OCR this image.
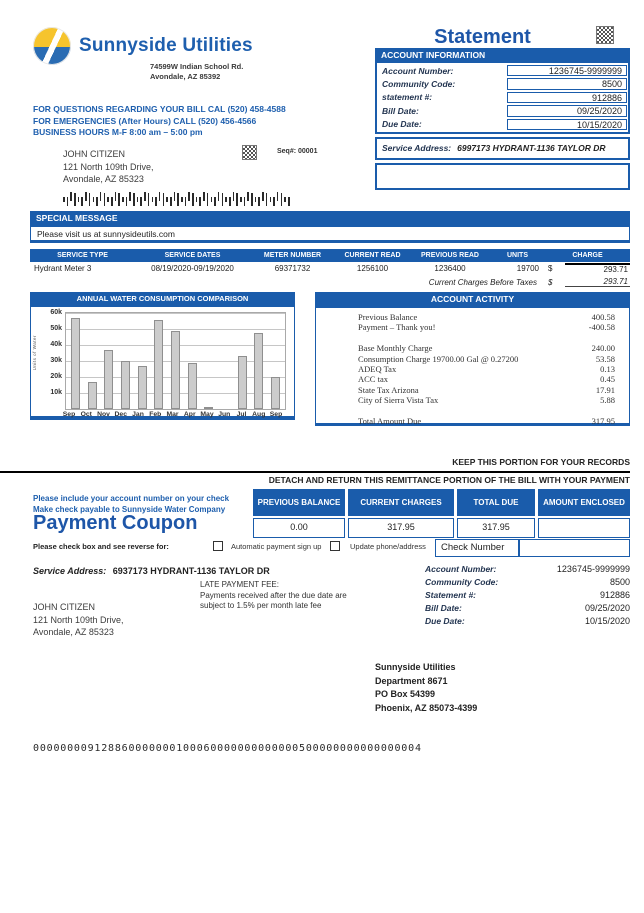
Sunnyside Utilities
74599W Indian School Rd.
Avondale, AZ 85392
Statement
ACCOUNT INFORMATION
Account Number:	1236745-9999999
Community Code:	8500
statement #:	912886
Bill Date:	09/25/2020
Due Date:	10/15/2020
Service Address: 6997173 HYDRANT-1136 TAYLOR DR
FOR QUESTIONS REGARDING YOUR BILL CAL (520) 458-4588
FOR EMERGENCIES (After Hours) CALL (520) 456-4566
BUSINESS HOURS M-F 8:00 am – 5:00 pm
JOHN CITIZEN
121 North 109th Drive,
Avondale, AZ 85323
Seq#: 00001
SPECIAL MESSAGE
Please visit us at sunnysideutils.com
SERVICE TYPE	SERVICE DATES	METER NUMBER	CURRENT READ	PREVIOUS READ	UNITS	CHARGE
Hydrant Meter 3	08/19/2020-09/19/2020	69371732	1256100	1236400	19700	$	293.71
Current Charges Before Taxes	$	293.71
ANNUAL WATER CONSUMPTION COMPARISON
Units of Water
60k
50k
40k
30k
20k
10k
Sep Oct Nov Dec Jan Feb Mar Apr May Jun Jul Aug Sep
ACCOUNT ACTIVITY
Previous Balance	400.58
Payment – Thank you!	-400.58
Base Monthly Charge	240.00
Consumption Charge 19700.00 Gal @ 0.27200	53.58
ADEQ Tax	0.13
ACC tax	0.45
State Tax Arizona	17.91
City of Sierra Vista Tax	5.88
Total Amount Due	317.95
KEEP THIS PORTION FOR YOUR RECORDS
DETACH AND RETURN THIS REMITTANCE PORTION OF THE BILL WITH YOUR PAYMENT
PREVIOUS BALANCE	CURRENT CHARGES	TOTAL DUE	AMOUNT ENCLOSED
0.00	317.95	317.95
Check Number
Automatic payment sign up	Update phone/address
Please include your account number on your check
Make check payable to Sunnyside Water Company
Payment Coupon
Please check box and see reverse for:
Service Address: 6937173 HYDRANT-1136 TAYLOR DR
LATE PAYMENT FEE:
Payments received after the due date are subject to 1.5% per month late fee
JOHN CITIZEN
121 North 109th Drive,
Avondale, AZ 85323
Account Number:	1236745-9999999
Community Code:	8500
Statement #:	912886
Bill Date:	09/25/2020
Due Date:	10/15/2020
Sunnyside Utilities
Department 8671
PO Box 54399
Phoenix, AZ 85073-4399
000000009128860000000100060000000000000500000000000000004
